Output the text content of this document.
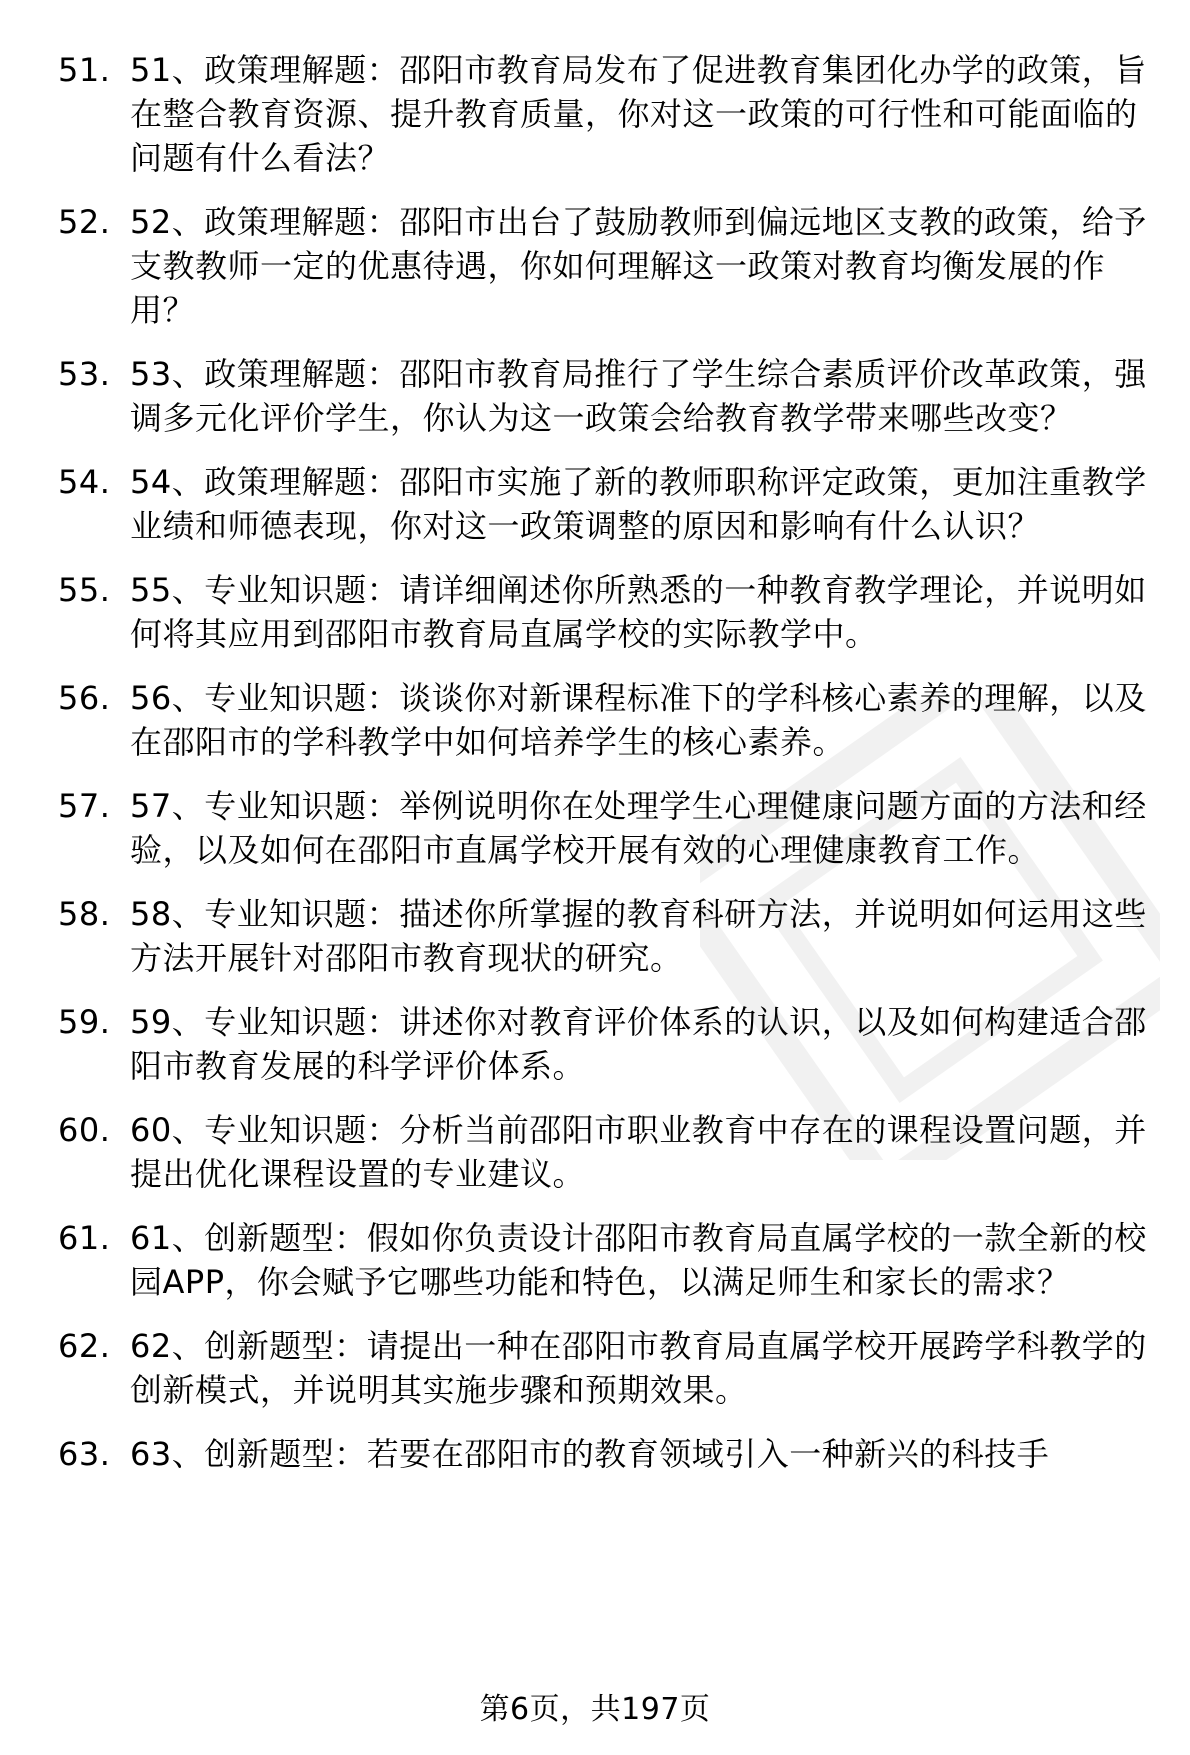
51. 51、政策理解题：邵阳市教育局发布了促进教育集团化办学的政策，旨在整合教育资源、提升教育质量，你对这一政策的可行性和可能面临的问题有什么看法？
52. 52、政策理解题：邵阳市出台了鼓励教师到偏远地区支教的政策，给予支教教师一定的优惠待遇，你如何理解这一政策对教育均衡发展的作用？
53. 53、政策理解题：邵阳市教育局推行了学生综合素质评价改革政策，强调多元化评价学生，你认为这一政策会给教育教学带来哪些改变？
54. 54、政策理解题：邵阳市实施了新的教师职称评定政策，更加注重教学业绩和师德表现，你对这一政策调整的原因和影响有什么认识？
55. 55、专业知识题：请详细阐述你所熟悉的一种教育教学理论，并说明如何将其应用到邵阳市教育局直属学校的实际教学中。
56. 56、专业知识题：谈谈你对新课程标准下的学科核心素养的理解，以及在邵阳市的学科教学中如何培养学生的核心素养。
57. 57、专业知识题：举例说明你在处理学生心理健康问题方面的方法和经验，以及如何在邵阳市直属学校开展有效的心理健康教育工作。
58. 58、专业知识题：描述你所掌握的教育科研方法，并说明如何运用这些方法开展针对邵阳市教育现状的研究。
59. 59、专业知识题：讲述你对教育评价体系的认识，以及如何构建适合邵阳市教育发展的科学评价体系。
60. 60、专业知识题：分析当前邵阳市职业教育中存在的课程设置问题，并提出优化课程设置的专业建议。
61. 61、创新题型：假如你负责设计邵阳市教育局直属学校的一款全新的校园APP，你会赋予它哪些功能和特色，以满足师生和家长的需求？
62. 62、创新题型：请提出一种在邵阳市教育局直属学校开展跨学科教学的创新模式，并说明其实施步骤和预期效果。
63. 63、创新题型：若要在邵阳市的教育领域引入一种新兴的科技手
第6页，共197页
